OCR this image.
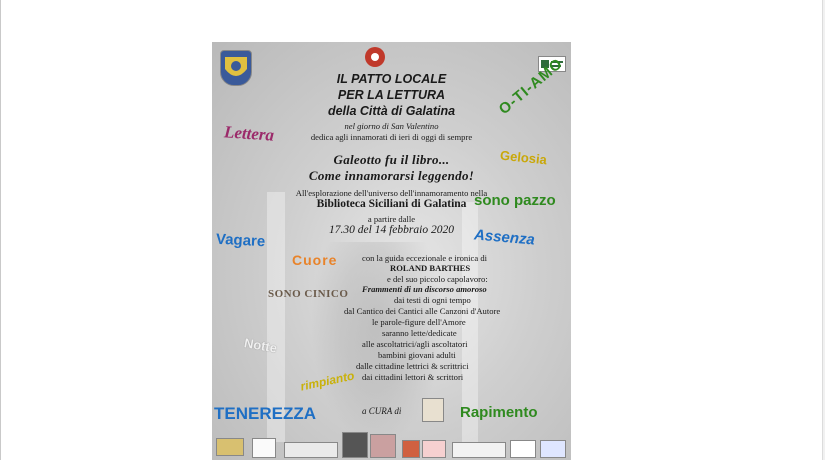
IL PATTO LOCALE
PER LA LETTURA
della Città di Galatina
nel giorno di San Valentino
dedica agli innamorati di ieri di oggi di sempre
Galeotto fu il libro...
Come innamorarsi leggendo!
All'esplorazione dell'universo dell'innamoramento nella
Biblioteca Siciliani di Galatina
a partire dalle
17.30 del 14 febbraio 2020
con la guida eccezionale e ironica di
ROLAND BARTHES
e del suo piccolo capolavoro:
Frammenti di un discorso amoroso
dai testi di ogni tempo
dal Cantico dei Cantici alle Canzoni d'Autore
le parole-figure dell'Amore
saranno lette/dedicate
alle ascoltatrici/agli ascoltatori
bambini giovani adulti
dalle cittadine lettrici & scrittrici
dai cittadini lettori & scrittori
a CURA di
Lettera
O-TI-AMO
Gelosia
sono pazzo
Vagare	Assenza
Cuore
SONO CINICO
Notte
rimpianto
TENEREZZA	Rapimento
